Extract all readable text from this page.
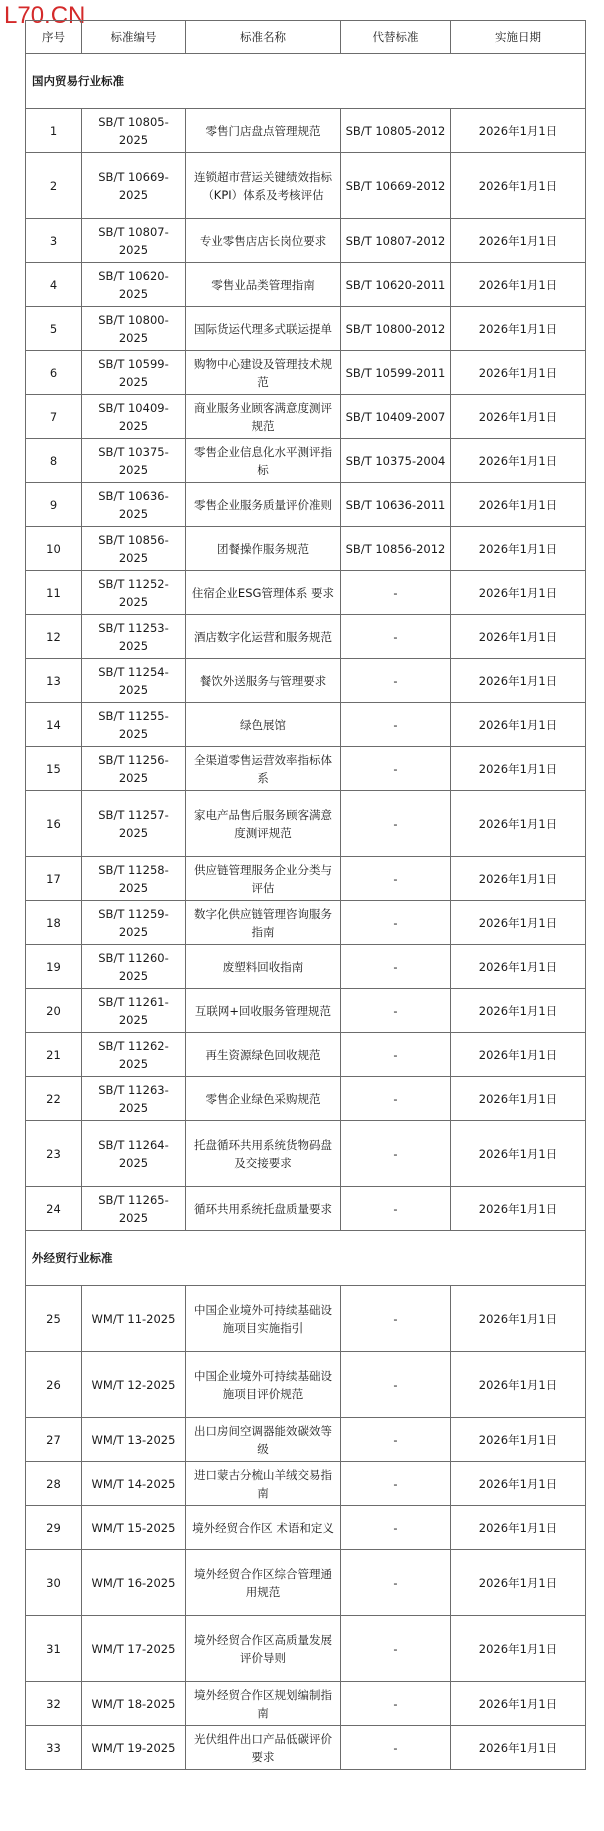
L70.CN
序号	标准编号	标准名称	代替标准	实施日期
国内贸易行业标准				
1	SB/T 10805-2025	零售门店盘点管理规范	SB/T 10805-2012	2026年1月1日
2	SB/T 10669-2025	连锁超市营运关键绩效指标（KPI）体系及考核评估	SB/T 10669-2012	2026年1月1日
3	SB/T 10807-2025	专业零售店店长岗位要求	SB/T 10807-2012	2026年1月1日
4	SB/T 10620-2025	零售业品类管理指南	SB/T 10620-2011	2026年1月1日
5	SB/T 10800-2025	国际货运代理多式联运提单	SB/T 10800-2012	2026年1月1日
6	SB/T 10599-2025	购物中心建设及管理技术规范	SB/T 10599-2011	2026年1月1日
7	SB/T 10409-2025	商业服务业顾客满意度测评规范	SB/T 10409-2007	2026年1月1日
8	SB/T 10375-2025	零售企业信息化水平测评指标	SB/T 10375-2004	2026年1月1日
9	SB/T 10636-2025	零售企业服务质量评价准则	SB/T 10636-2011	2026年1月1日
10	SB/T 10856-2025	团餐操作服务规范	SB/T 10856-2012	2026年1月1日
11	SB/T 11252-2025	住宿企业ESG管理体系 要求	-	2026年1月1日
12	SB/T 11253-2025	酒店数字化运营和服务规范	-	2026年1月1日
13	SB/T 11254-2025	餐饮外送服务与管理要求	-	2026年1月1日
14	SB/T 11255-2025	绿色展馆	-	2026年1月1日
15	SB/T 11256-2025	全渠道零售运营效率指标体系	-	2026年1月1日
16	SB/T 11257-2025	家电产品售后服务顾客满意度测评规范	-	2026年1月1日
17	SB/T 11258-2025	供应链管理服务企业分类与评估	-	2026年1月1日
18	SB/T 11259-2025	数字化供应链管理咨询服务指南	-	2026年1月1日
19	SB/T 11260-2025	废塑料回收指南	-	2026年1月1日
20	SB/T 11261-2025	互联网+回收服务管理规范	-	2026年1月1日
21	SB/T 11262-2025	再生资源绿色回收规范	-	2026年1月1日
22	SB/T 11263-2025	零售企业绿色采购规范	-	2026年1月1日
23	SB/T 11264-2025	托盘循环共用系统货物码盘及交接要求	-	2026年1月1日
24	SB/T 11265-2025	循环共用系统托盘质量要求	-	2026年1月1日
外经贸行业标准				
25	WM/T 11-2025	中国企业境外可持续基础设施项目实施指引	-	2026年1月1日
26	WM/T 12-2025	中国企业境外可持续基础设施项目评价规范	-	2026年1月1日
27	WM/T 13-2025	出口房间空调器能效碳效等级	-	2026年1月1日
28	WM/T 14-2025	进口蒙古分梳山羊绒交易指南	-	2026年1月1日
29	WM/T 15-2025	境外经贸合作区 术语和定义	-	2026年1月1日
30	WM/T 16-2025	境外经贸合作区综合管理通用规范	-	2026年1月1日
31	WM/T 17-2025	境外经贸合作区高质量发展评价导则	-	2026年1月1日
32	WM/T 18-2025	境外经贸合作区规划编制指南	-	2026年1月1日
33	WM/T 19-2025	光伏组件出口产品低碳评价要求	-	2026年1月1日
